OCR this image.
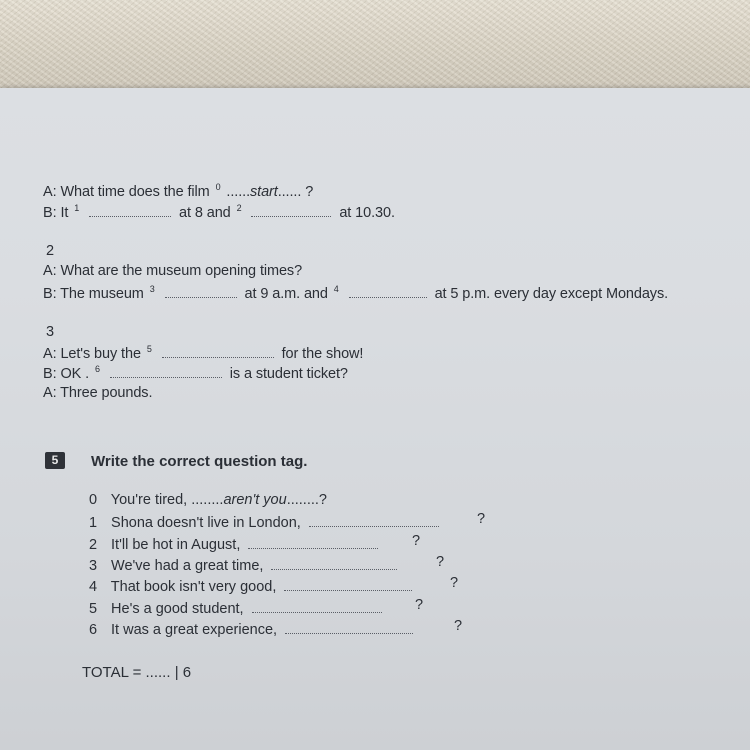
A: What time does the film $^0$ ......start...... ?
B: It $^1$	at 8 and $^2$	at 10.30.
2
A: What are the museum opening times?
B: The museum $^3$	at 9 a.m. and $^4$	at 5 p.m. every day except Mondays.
3
A: Let's buy the $^5$	for the show!
B: OK . $^6$	is a student ticket?
A: Three pounds.
5	Write the correct question tag.
0 You're tired, ........aren't you........?
1 Shona doesn't live in London,	?
2 It'll be hot in August,	?
3 We've had a great time,	?
4 That book isn't very good,	?
5 He's a good student,	?
6 It was a great experience,	?
TOTAL = ...... | 6
